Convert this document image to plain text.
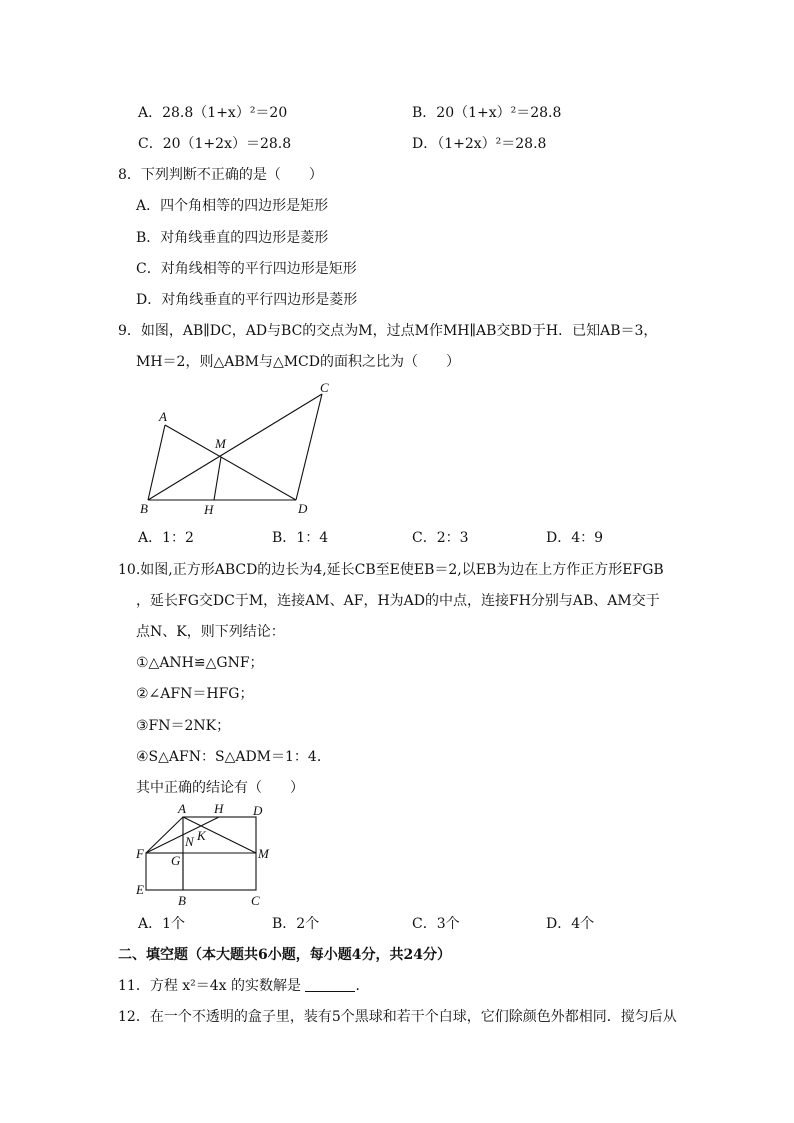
A．28.8（1+x）²＝20	B．20（1+x）²＝28.8
C．20（1+2x）＝28.8	D．（1+2x）²＝28.8
8．下列判断不正确的是（　　）
A．四个角相等的四边形是矩形
B．对角线垂直的四边形是菱形
C．对角线相等的平行四边形是矩形
D．对角线垂直的平行四边形是菱形
9．如图，AB∥DC，AD与BC的交点为M，过点M作MH∥AB交BD于H．已知AB＝3，
MH＝2，则△ABM与△MCD的面积之比为（　　）
A
B
C
D
M
H
A．1：2	B．1：4	C．2：3	D．4：9
10.如图,正方形ABCD的边长为4,延长CB至E使EB＝2,以EB为边在上方作正方形EFGB
，延长FG交DC于M，连接AM、AF，H为AD的中点，连接FH分别与AB、AM交于
点N、K，则下列结论：
①△ANH≌△GNF；
②∠AFN＝HFG；
③FN＝2NK；
④S△AFN：S△ADM＝1：4．
其中正确的结论有（　　）
A H D
N K
F G	M
E
B	C
A．1个	B．2个	C．3个	D．4个
二、填空题（本大题共6小题，每小题4分，共24分）
11．方程 x²＝4x 的实数解是	．
12．在一个不透明的盒子里，装有5个黑球和若干个白球，它们除颜色外都相同．搅匀后从
